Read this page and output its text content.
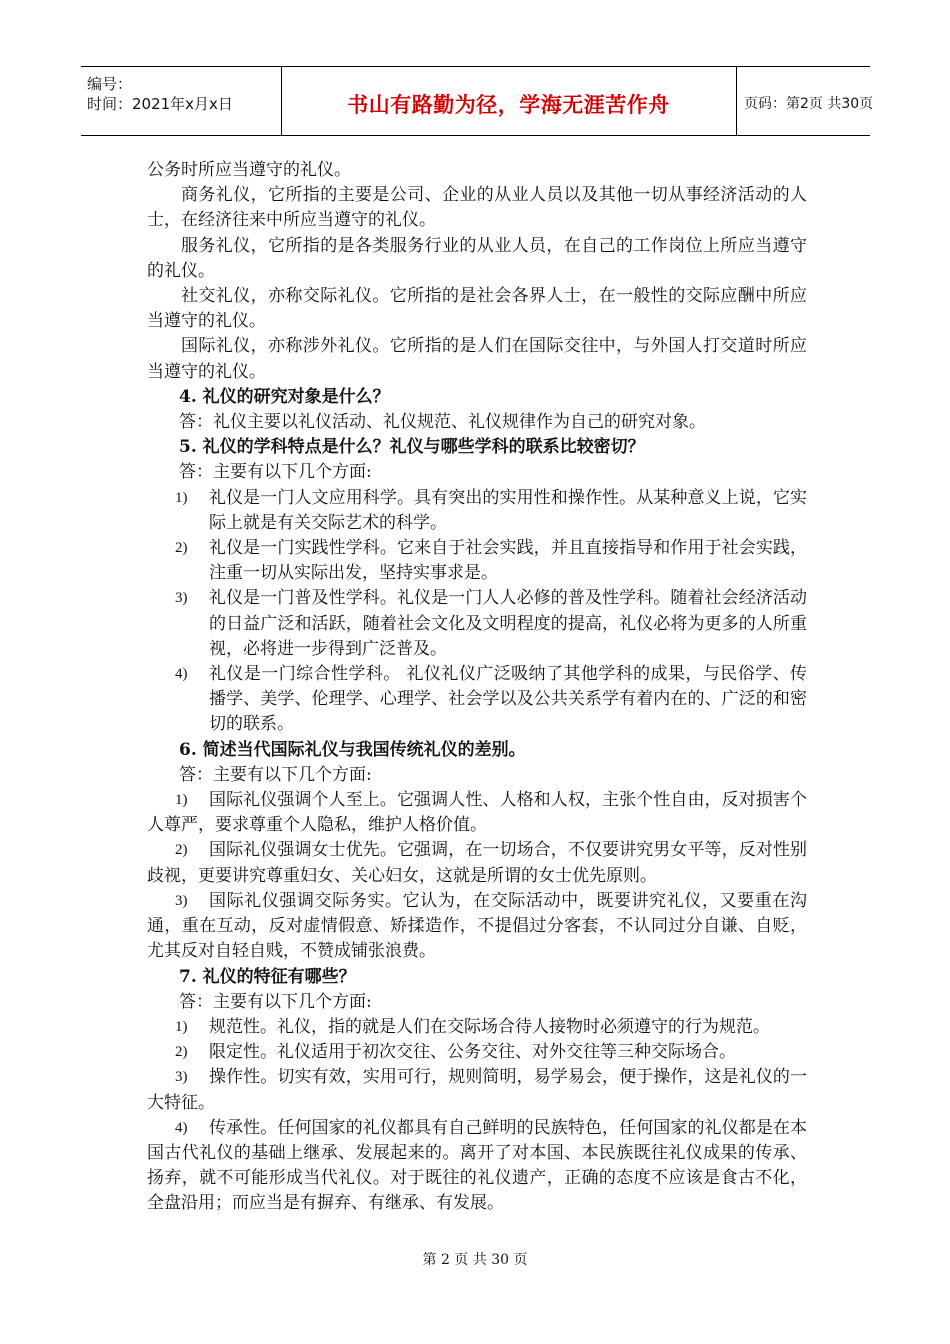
编号：
时间：2021年x月x日	书山有路勤为径，学海无涯苦作舟	页码：第2页 共30页

公务时所应当遵守的礼仪。

商务礼仪，它所指的主要是公司、企业的从业人员以及其他一切从事经济活动的人士，在经济往来中所应当遵守的礼仪。

服务礼仪，它所指的是各类服务行业的从业人员，在自己的工作岗位上所应当遵守的礼仪。

社交礼仪，亦称交际礼仪。它所指的是社会各界人士，在一般性的交际应酬中所应当遵守的礼仪。

国际礼仪，亦称涉外礼仪。它所指的是人们在国际交往中，与外国人打交道时所应当遵守的礼仪。

4. 礼仪的研究对象是什么？

答：礼仪主要以礼仪活动、礼仪规范、礼仪规律作为自己的研究对象。

5. 礼仪的学科特点是什么？礼仪与哪些学科的联系比较密切？

答：主要有以下几个方面:

1) 礼仪是一门人文应用科学。具有突出的实用性和操作性。从某种意义上说，它实际上就是有关交际艺术的科学。

2) 礼仪是一门实践性学科。它来自于社会实践，并且直接指导和作用于社会实践，注重一切从实际出发，坚持实事求是。

3) 礼仪是一门普及性学科。礼仪是一门人人必修的普及性学科。随着社会经济活动的日益广泛和活跃，随着社会文化及文明程度的提高，礼仪必将为更多的人所重视，必将进一步得到广泛普及。

4) 礼仪是一门综合性学科。 礼仪礼仪广泛吸纳了其他学科的成果，与民俗学、传播学、美学、伦理学、心理学、社会学以及公共关系学有着内在的、广泛的和密切的联系。

6. 简述当代国际礼仪与我国传统礼仪的差别。

答：主要有以下几个方面:

1) 国际礼仪强调个人至上。它强调人性、人格和人权，主张个性自由，反对损害个人尊严，要求尊重个人隐私，维护人格价值。

2) 国际礼仪强调女士优先。它强调，在一切场合，不仅要讲究男女平等，反对性别歧视，更要讲究尊重妇女、关心妇女，这就是所谓的女士优先原则。

3) 国际礼仪强调交际务实。它认为，在交际活动中，既要讲究礼仪，又要重在沟通，重在互动，反对虚情假意、矫揉造作，不提倡过分客套，不认同过分自谦、自贬，尤其反对自轻自贱，不赞成铺张浪费。

7. 礼仪的特征有哪些？

答：主要有以下几个方面:

1) 规范性。礼仪，指的就是人们在交际场合待人接物时必须遵守的行为规范。

2) 限定性。礼仪适用于初次交往、公务交往、对外交往等三种交际场合。

3) 操作性。切实有效，实用可行，规则简明，易学易会，便于操作，这是礼仪的一大特征。

4) 传承性。任何国家的礼仪都具有自己鲜明的民族特色，任何国家的礼仪都是在本国古代礼仪的基础上继承、发展起来的。离开了对本国、本民族既往礼仪成果的传承、扬弃，就不可能形成当代礼仪。对于既往的礼仪遗产，正确的态度不应该是食古不化，全盘沿用；而应当是有摒弃、有继承、有发展。

第 2 页 共 30 页
